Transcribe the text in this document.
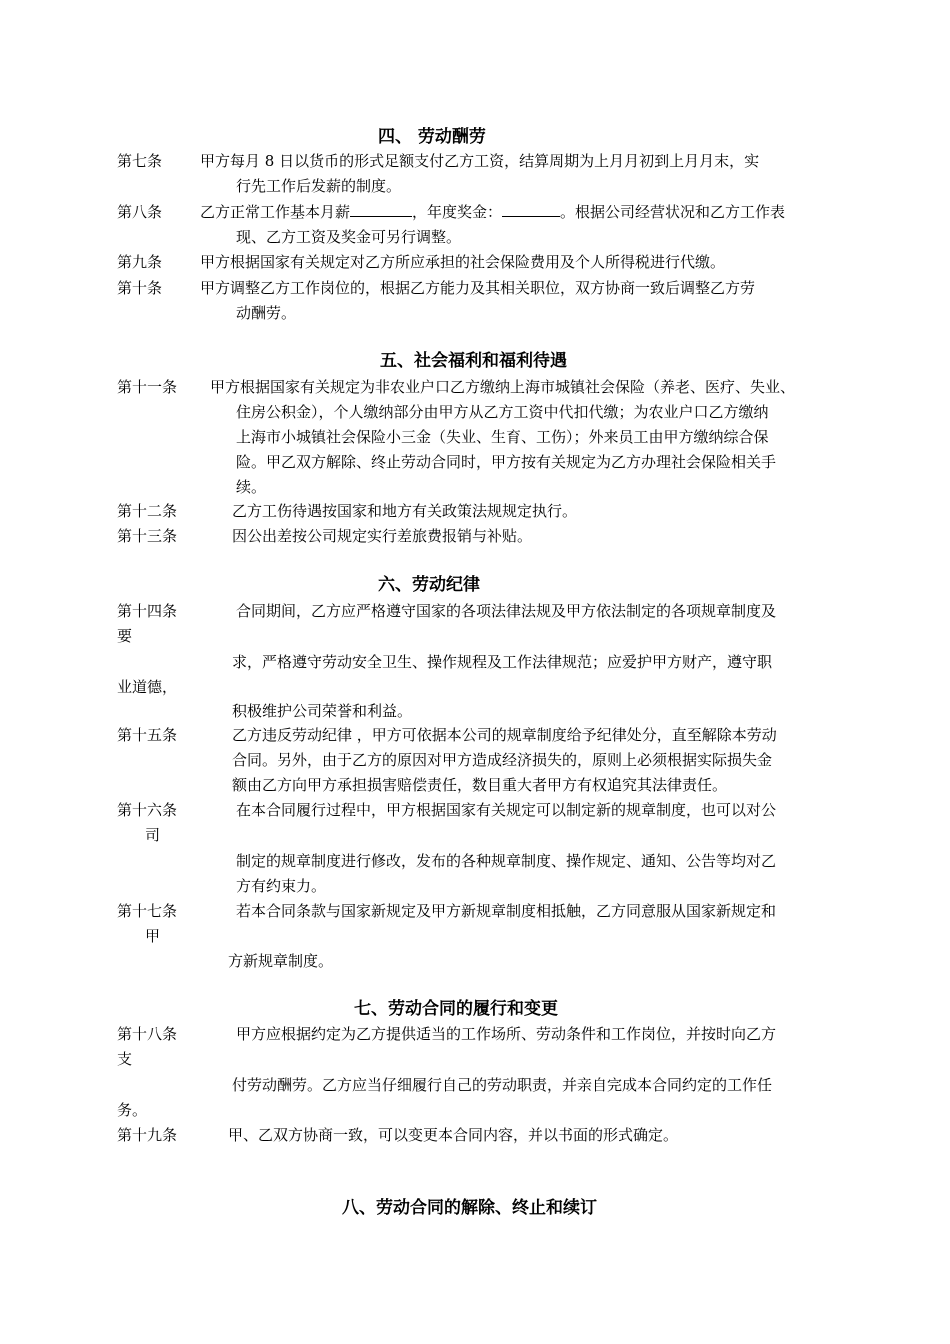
四、 劳动酬劳
第七条	甲方每月 8 日以货币的形式足额支付乙方工资，结算周期为上月月初到上月月末，实
行先工作后发薪的制度。
第八条	乙方正常工作基本月薪	，年度奖金：	。根据公司经营状况和乙方工作表
现、乙方工资及奖金可另行调整。
第九条	甲方根据国家有关规定对乙方所应承担的社会保险费用及个人所得税进行代缴。
第十条	甲方调整乙方工作岗位的，根据乙方能力及其相关职位，双方协商一致后调整乙方劳
动酬劳。
五、社会福利和福利待遇
第十一条 甲方根据国家有关规定为非农业户口乙方缴纳上海市城镇社会保险（养老、医疗、失业、
住房公积金），个人缴纳部分由甲方从乙方工资中代扣代缴；为农业户口乙方缴纳
上海市小城镇社会保险小三金（失业、生育、工伤）；外来员工由甲方缴纳综合保
险。甲乙双方解除、终止劳动合同时，甲方按有关规定为乙方办理社会保险相关手
续。
第十二条	乙方工伤待遇按国家和地方有关政策法规规定执行。
第十三条	因公出差按公司规定实行差旅费报销与补贴。
六、劳动纪律
第十四条	合同期间，乙方应严格遵守国家的各项法律法规及甲方依法制定的各项规章制度及
要
求，严格遵守劳动安全卫生、操作规程及工作法律规范；应爱护甲方财产，遵守职
业道德，
积极维护公司荣誉和利益。
第十五条	乙方违反劳动纪律 ，甲方可依据本公司的规章制度给予纪律处分，直至解除本劳动
合同。另外，由于乙方的原因对甲方造成经济损失的，原则上必须根据实际损失金
额由乙方向甲方承担损害赔偿责任，数目重大者甲方有权追究其法律责任。
第十六条	在本合同履行过程中，甲方根据国家有关规定可以制定新的规章制度，也可以对公
司
制定的规章制度进行修改，发布的各种规章制度、操作规定、通知、公告等均对乙
方有约束力。
第十七条	若本合同条款与国家新规定及甲方新规章制度相抵触，乙方同意服从国家新规定和
甲
方新规章制度。
七、劳动合同的履行和变更
第十八条	甲方应根据约定为乙方提供适当的工作场所、劳动条件和工作岗位，并按时向乙方
支
付劳动酬劳。乙方应当仔细履行自己的劳动职责，并亲自完成本合同约定的工作任
务。
第十九条	甲、乙双方协商一致，可以变更本合同内容，并以书面的形式确定。
八、劳动合同的解除、终止和续订
